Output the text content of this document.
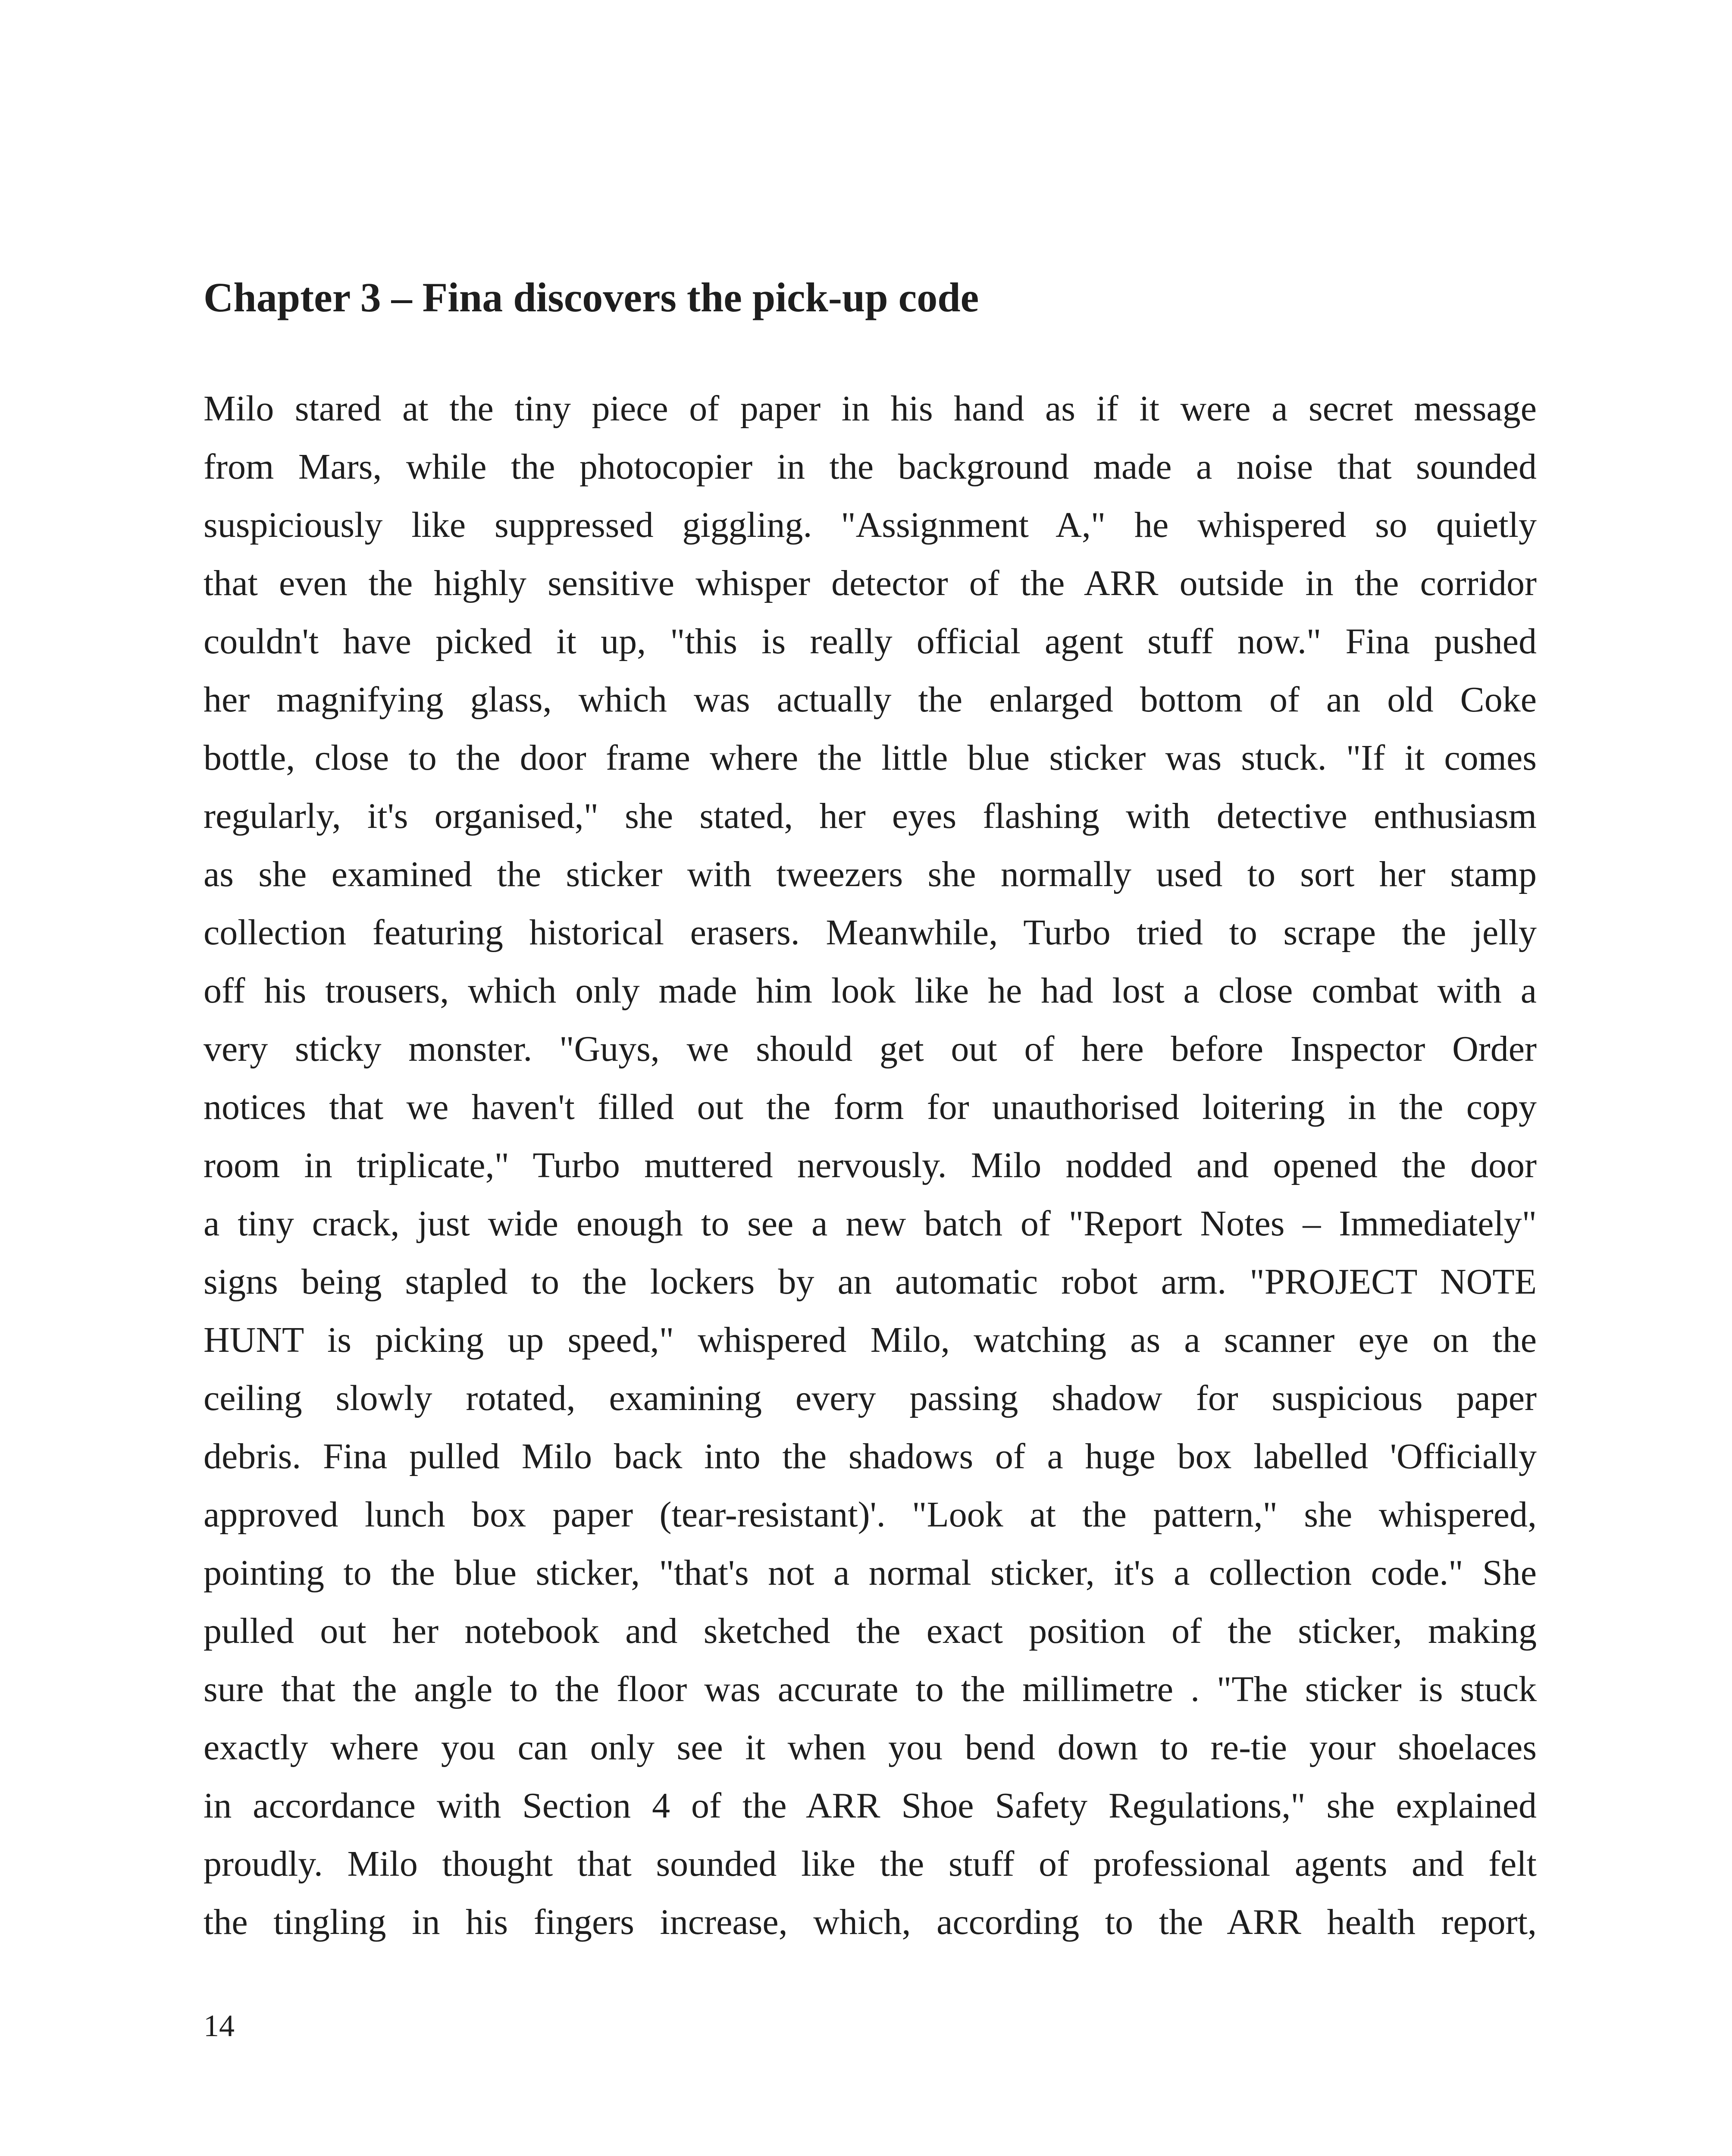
Chapter 3 – Fina discovers the pick-up code
Milo stared at the tiny piece of paper in his hand as if it were a secret message
from Mars, while the photocopier in the background made a noise that sounded
suspiciously like suppressed giggling. "Assignment A," he whispered so quietly
that even the highly sensitive whisper detector of the ARR outside in the corridor
couldn't have picked it up, "this is really official agent stuff now." Fina pushed
her magnifying glass, which was actually the enlarged bottom of an old Coke
bottle, close to the door frame where the little blue sticker was stuck. "If it comes
regularly, it's organised," she stated, her eyes flashing with detective enthusiasm
as she examined the sticker with tweezers she normally used to sort her stamp
collection featuring historical erasers. Meanwhile, Turbo tried to scrape the jelly
off his trousers, which only made him look like he had lost a close combat with a
very sticky monster. "Guys, we should get out of here before Inspector Order
notices that we haven't filled out the form for unauthorised loitering in the copy
room in triplicate," Turbo muttered nervously. Milo nodded and opened the door
a tiny crack, just wide enough to see a new batch of "Report Notes – Immediately"
signs being stapled to the lockers by an automatic robot arm. "PROJECT NOTE
HUNT is picking up speed," whispered Milo, watching as a scanner eye on the
ceiling slowly rotated, examining every passing shadow for suspicious paper
debris. Fina pulled Milo back into the shadows of a huge box labelled 'Officially
approved lunch box paper (tear-resistant)'. "Look at the pattern," she whispered,
pointing to the blue sticker, "that's not a normal sticker, it's a collection code." She
pulled out her notebook and sketched the exact position of the sticker, making
sure that the angle to the floor was accurate to the millimetre . "The sticker is stuck
exactly where you can only see it when you bend down to re-tie your shoelaces
in accordance with Section 4 of the ARR Shoe Safety Regulations," she explained
proudly. Milo thought that sounded like the stuff of professional agents and felt
the tingling in his fingers increase, which, according to the ARR health report,
14
